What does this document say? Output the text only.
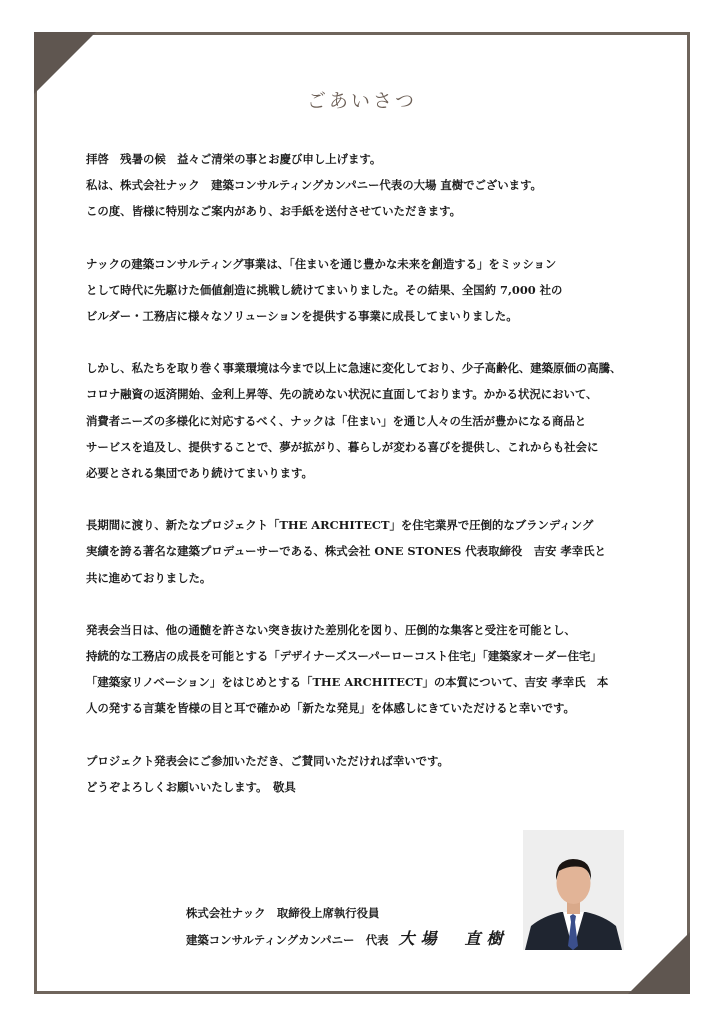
ごあいさつ
拝啓　残暑の候　益々ご清栄の事とお慶び申し上げます。
私は、株式会社ナック　建築コンサルティングカンパニー代表の大場 直樹でございます。
この度、皆様に特別なご案内があり、お手紙を送付させていただきます。
ナックの建築コンサルティング事業は、「住まいを通じ豊かな未来を創造する」をミッション
として時代に先駆けた価値創造に挑戦し続けてまいりました。その結果、全国約 7,000 社の
ビルダー・工務店に様々なソリューションを提供する事業に成長してまいりました。
しかし、私たちを取り巻く事業環境は今まで以上に急速に変化しており、少子高齢化、建築原価の高騰、
コロナ融資の返済開始、金利上昇等、先の読めない状況に直面しております。かかる状況において、
消費者ニーズの多様化に対応するべく、ナックは「住まい」を通じ人々の生活が豊かになる商品と
サービスを追及し、提供することで、夢が拡がり、暮らしが変わる喜びを提供し、これからも社会に
必要とされる集団であり続けてまいります。
長期間に渡り、新たなプロジェクト「THE ARCHITECT」を住宅業界で圧倒的なブランディング
実績を誇る著名な建築プロデューサーである、株式会社 ONE STONES 代表取締役　吉安 孝幸氏と
共に進めておりました。
発表会当日は、他の通髄を許さない突き抜けた差別化を図り、圧倒的な集客と受注を可能とし、
持続的な工務店の成長を可能とする「デザイナーズスーパーローコスト住宅」「建築家オーダー住宅」
「建築家リノベーション」をはじめとする「THE ARCHITECT」の本質について、吉安 孝幸氏　本
人の発する言葉を皆様の目と耳で確かめ「新たな発見」を体感しにきていただけると幸いです。
プロジェクト発表会にご参加いただき、ご賛同いただければ幸いです。
どうぞよろしくお願いいたします。　敬具
株式会社ナック　取締役上席執行役員
建築コンサルティングカンパニー　代表 大場　直樹
